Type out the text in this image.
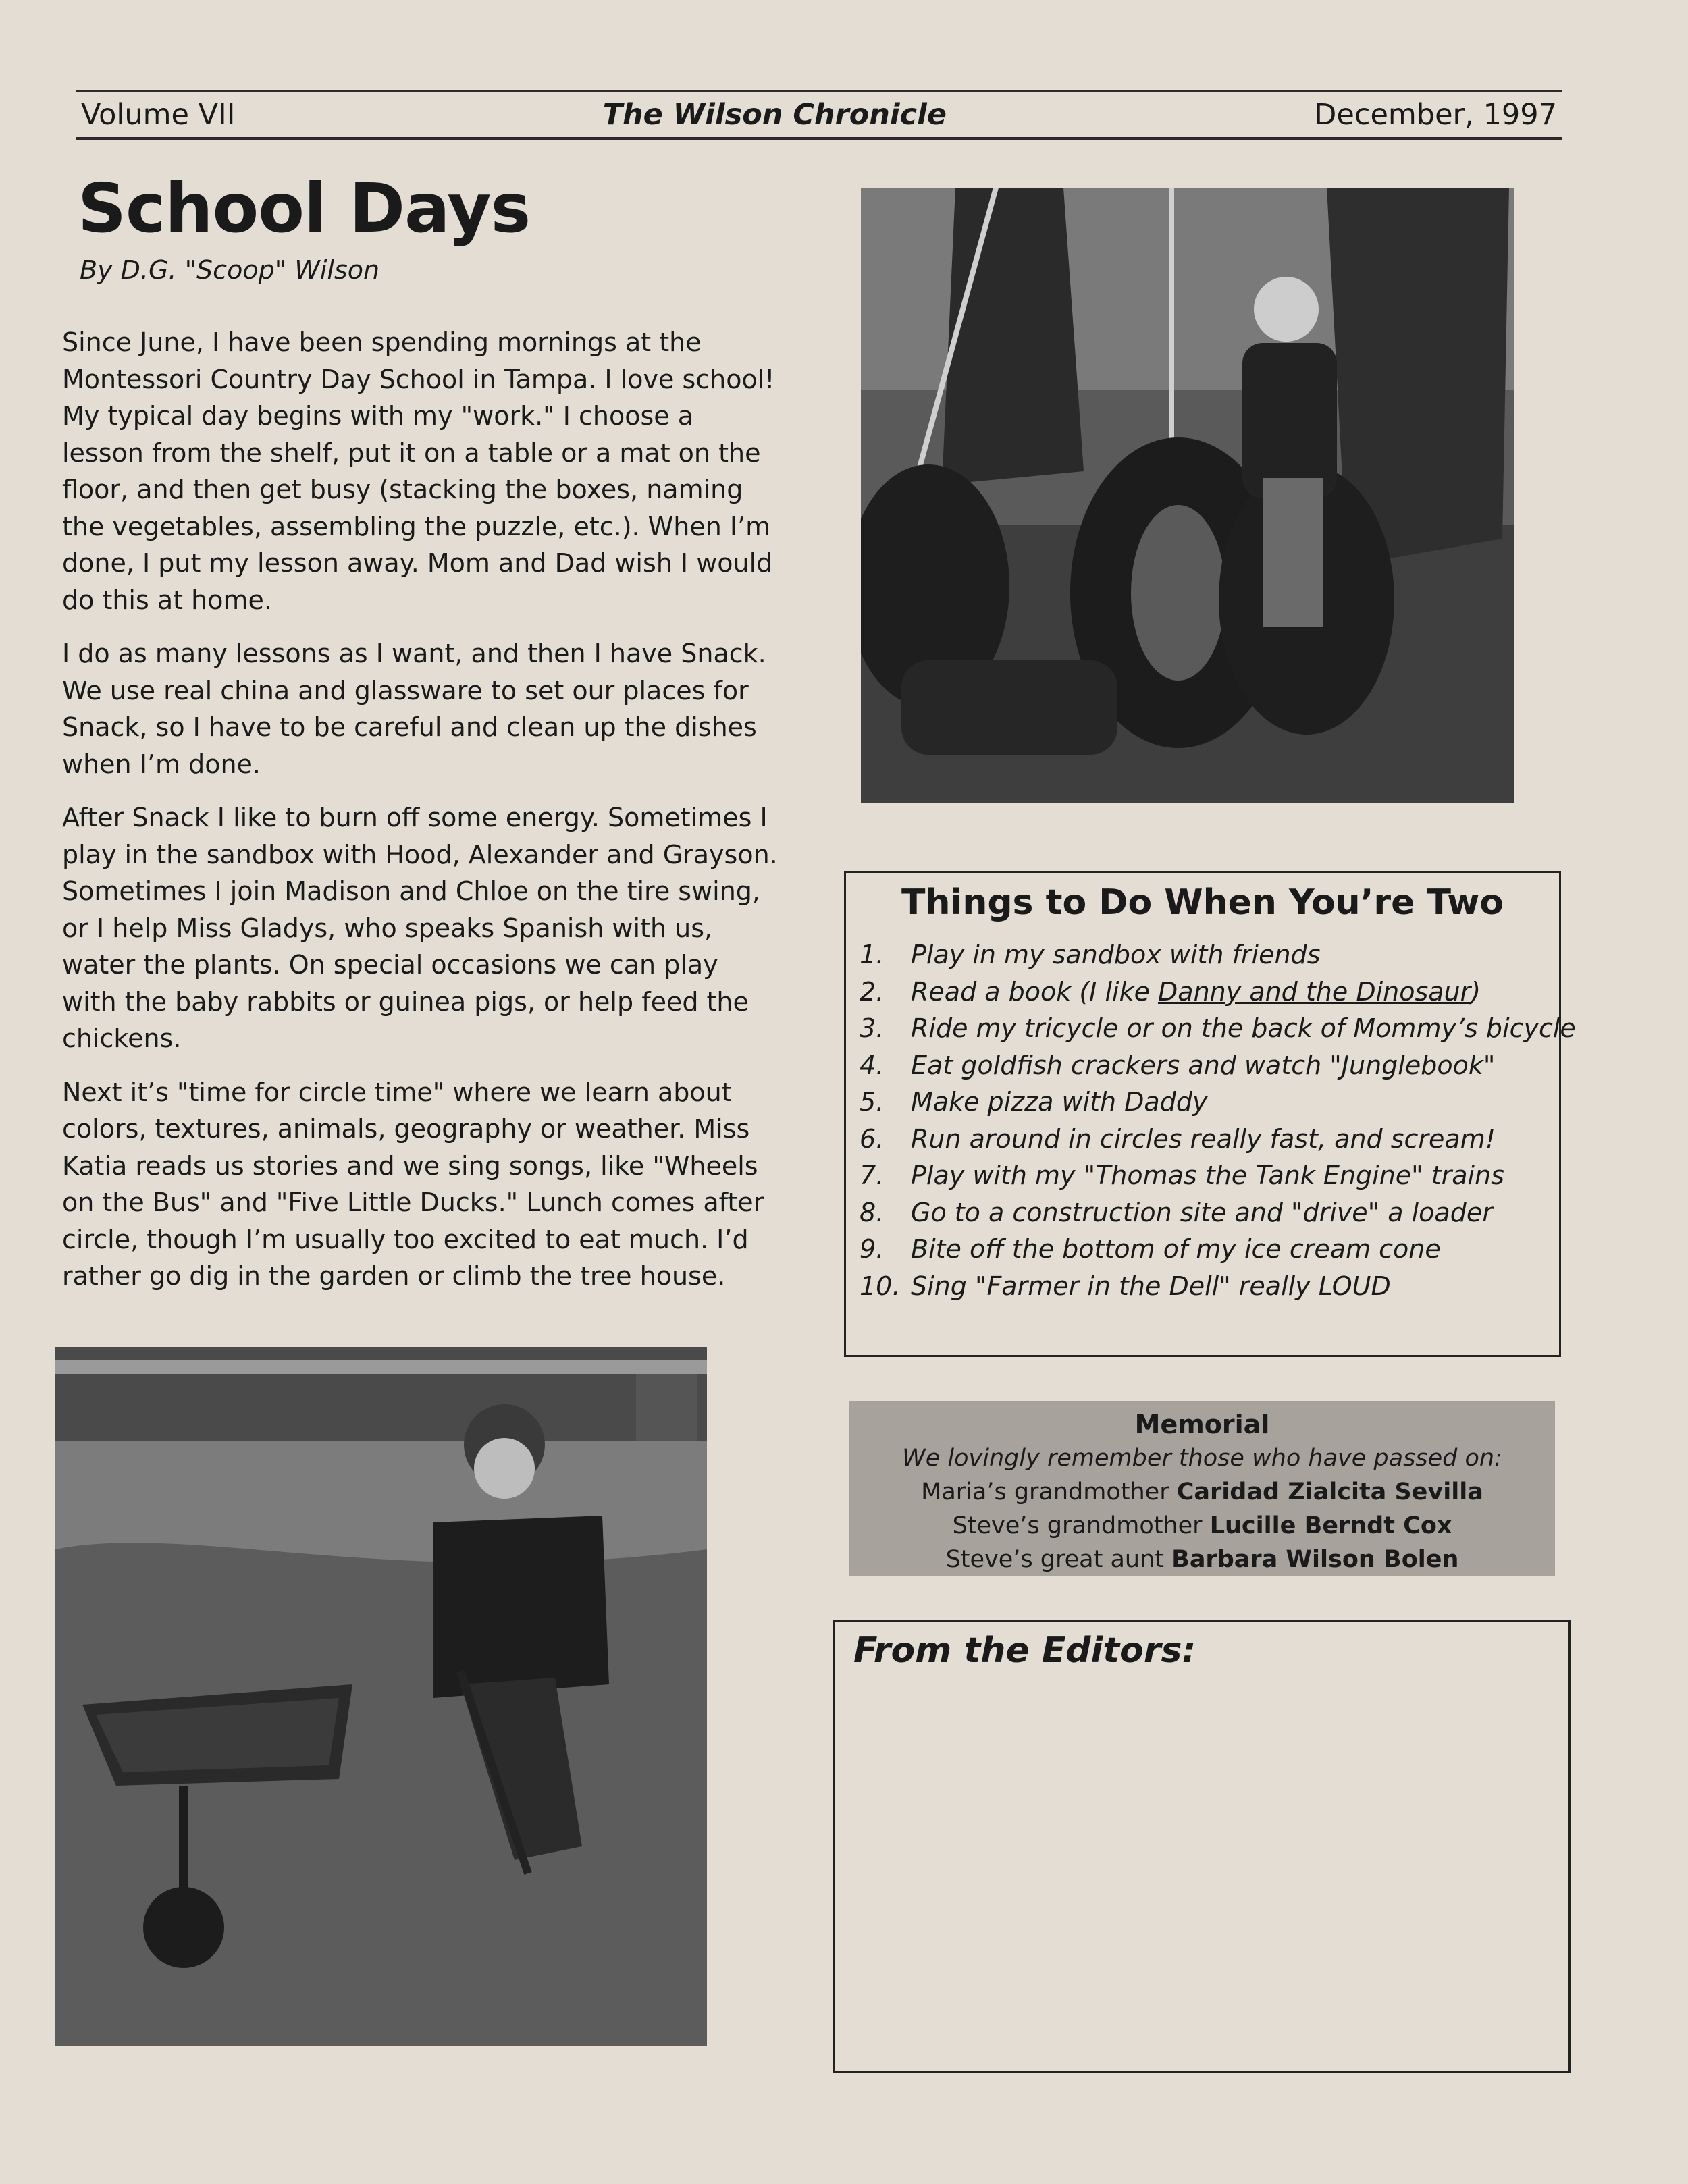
Volume VII	The Wilson Chronicle	December, 1997
School Days

By D.G. "Scoop" Wilson

Since June, I have been spending mornings at the Montessori Country Day School in Tampa. I love school! My typical day begins with my "work." I choose a lesson from the shelf, put it on a table or a mat on the floor, and then get busy (stacking the boxes, naming the vegetables, assembling the puzzle, etc.). When I’m done, I put my lesson away. Mom and Dad wish I would do this at home.

I do as many lessons as I want, and then I have Snack. We use real china and glassware to set our places for Snack, so I have to be careful and clean up the dishes when I’m done.

After Snack I like to burn off some energy. Sometimes I play in the sandbox with Hood, Alexander and Grayson. Sometimes I join Madison and Chloe on the tire swing, or I help Miss Gladys, who speaks Spanish with us, water the plants. On special occasions we can play with the baby rabbits or guinea pigs, or help feed the chickens.

Next it’s "time for circle time" where we learn about colors, textures, animals, geography or weather. Miss Katia reads us stories and we sing songs, like "Wheels on the Bus" and "Five Little Ducks." Lunch comes after circle, though I’m usually too excited to eat much. I’d rather go dig in the garden or climb the tree house.

Things to Do When You’re Two
1.	Play in my sandbox with friends
2.	Read a book (I like Danny and the Dinosaur)
3.	Ride my tricycle or on the back of Mommy’s bicycle
4.	Eat goldfish crackers and watch "Junglebook"
5.	Make pizza with Daddy
6.	Run around in circles really fast, and scream!
7.	Play with my "Thomas the Tank Engine" trains
8.	Go to a construction site and "drive" a loader
9.	Bite off the bottom of my ice cream cone
10. Sing "Farmer in the Dell" really LOUD
Memorial
We lovingly remember those who have passed on:
Maria’s grandmother Caridad Zialcita Sevilla
Steve’s grandmother Lucille Berndt Cox
Steve’s great aunt Barbara Wilson Bolen
From the Editors:
